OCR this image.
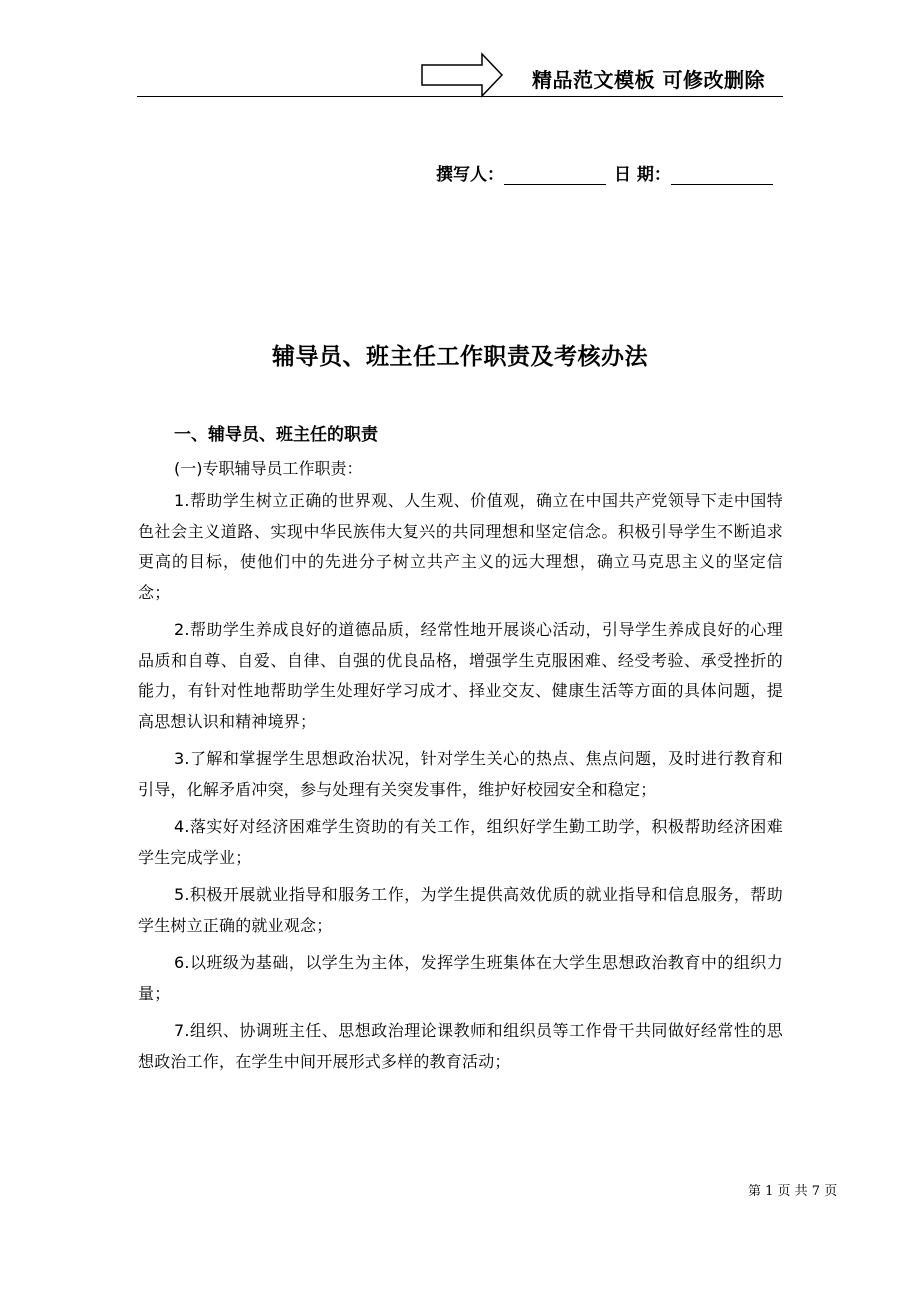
精品范文模板 可修改删除
撰写人：	日 期：
辅导员、班主任工作职责及考核办法
一、辅导员、班主任的职责
(一)专职辅导员工作职责：

1.帮助学生树立正确的世界观、人生观、价值观，确立在中国共产党领导下走中国特色社会主义道路、实现中华民族伟大复兴的共同理想和坚定信念。积极引导学生不断追求更高的目标，使他们中的先进分子树立共产主义的远大理想，确立马克思主义的坚定信念；

2.帮助学生养成良好的道德品质，经常性地开展谈心活动，引导学生养成良好的心理品质和自尊、自爱、自律、自强的优良品格，增强学生克服困难、经受考验、承受挫折的能力，有针对性地帮助学生处理好学习成才、择业交友、健康生活等方面的具体问题，提高思想认识和精神境界；

3.了解和掌握学生思想政治状况，针对学生关心的热点、焦点问题，及时进行教育和引导，化解矛盾冲突，参与处理有关突发事件，维护好校园安全和稳定；

4.落实好对经济困难学生资助的有关工作，组织好学生勤工助学，积极帮助经济困难学生完成学业；

5.积极开展就业指导和服务工作，为学生提供高效优质的就业指导和信息服务，帮助学生树立正确的就业观念；

6.以班级为基础，以学生为主体，发挥学生班集体在大学生思想政治教育中的组织力量；

7.组织、协调班主任、思想政治理论课教师和组织员等工作骨干共同做好经常性的思想政治工作，在学生中间开展形式多样的教育活动；

第 1 页 共 7 页
